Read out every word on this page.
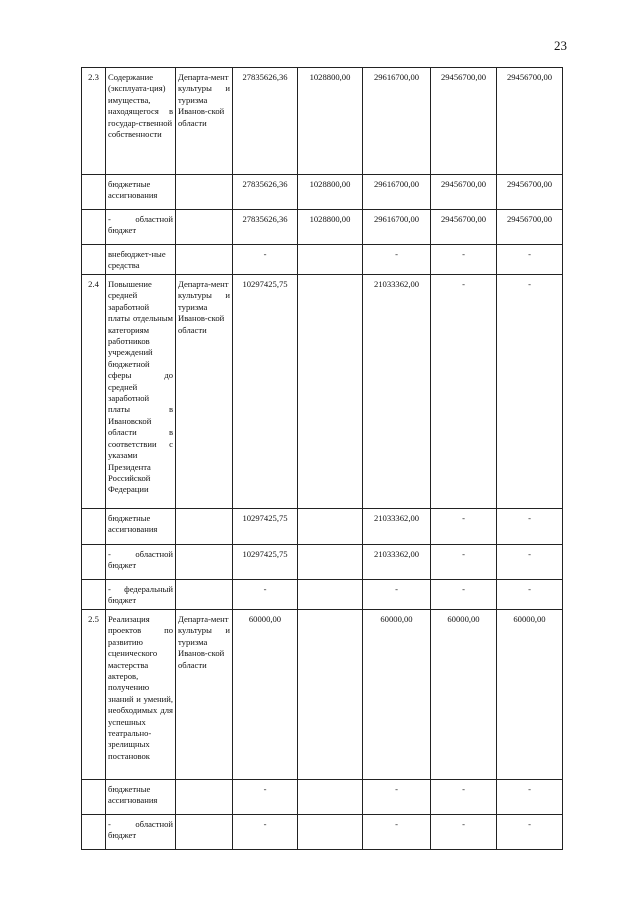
23
2.3	Содержание (эксплуата-ция) имущества, находящегося в государ-ственной собственности	Департа-мент культуры и туризма Иванов-ской области	27835626,36	1028800,00	29616700,00	29456700,00	29456700,00
	бюджетные ассигнования		27835626,36	1028800,00	29616700,00	29456700,00	29456700,00
	- областной бюджет		27835626,36	1028800,00	29616700,00	29456700,00	29456700,00
	внебюджет-ные средства		-		-	-	-
2.4	Повышение средней заработной платы отдельным категориям работников учреждений бюджетной сферы до средней заработной платы в Ивановской области в соответствии с указами Президента Российской Федерации	Департа-мент культуры и туризма Иванов-ской области	10297425,75		21033362,00	-	-
	бюджетные ассигнования		10297425,75		21033362,00	-	-
	- областной бюджет		10297425,75		21033362,00	-	-
	- федеральный бюджет		-		-	-	-
2.5	Реализация проектов по развитию сценического мастерства актеров, получению знаний и умений, необходимых для успешных театрально-зрелищных постановок	Департа-мент культуры и туризма Иванов-ской области	60000,00		60000,00	60000,00	60000,00
	бюджетные ассигнования		-		-	-	-
	- областной бюджет		-		-	-	-
